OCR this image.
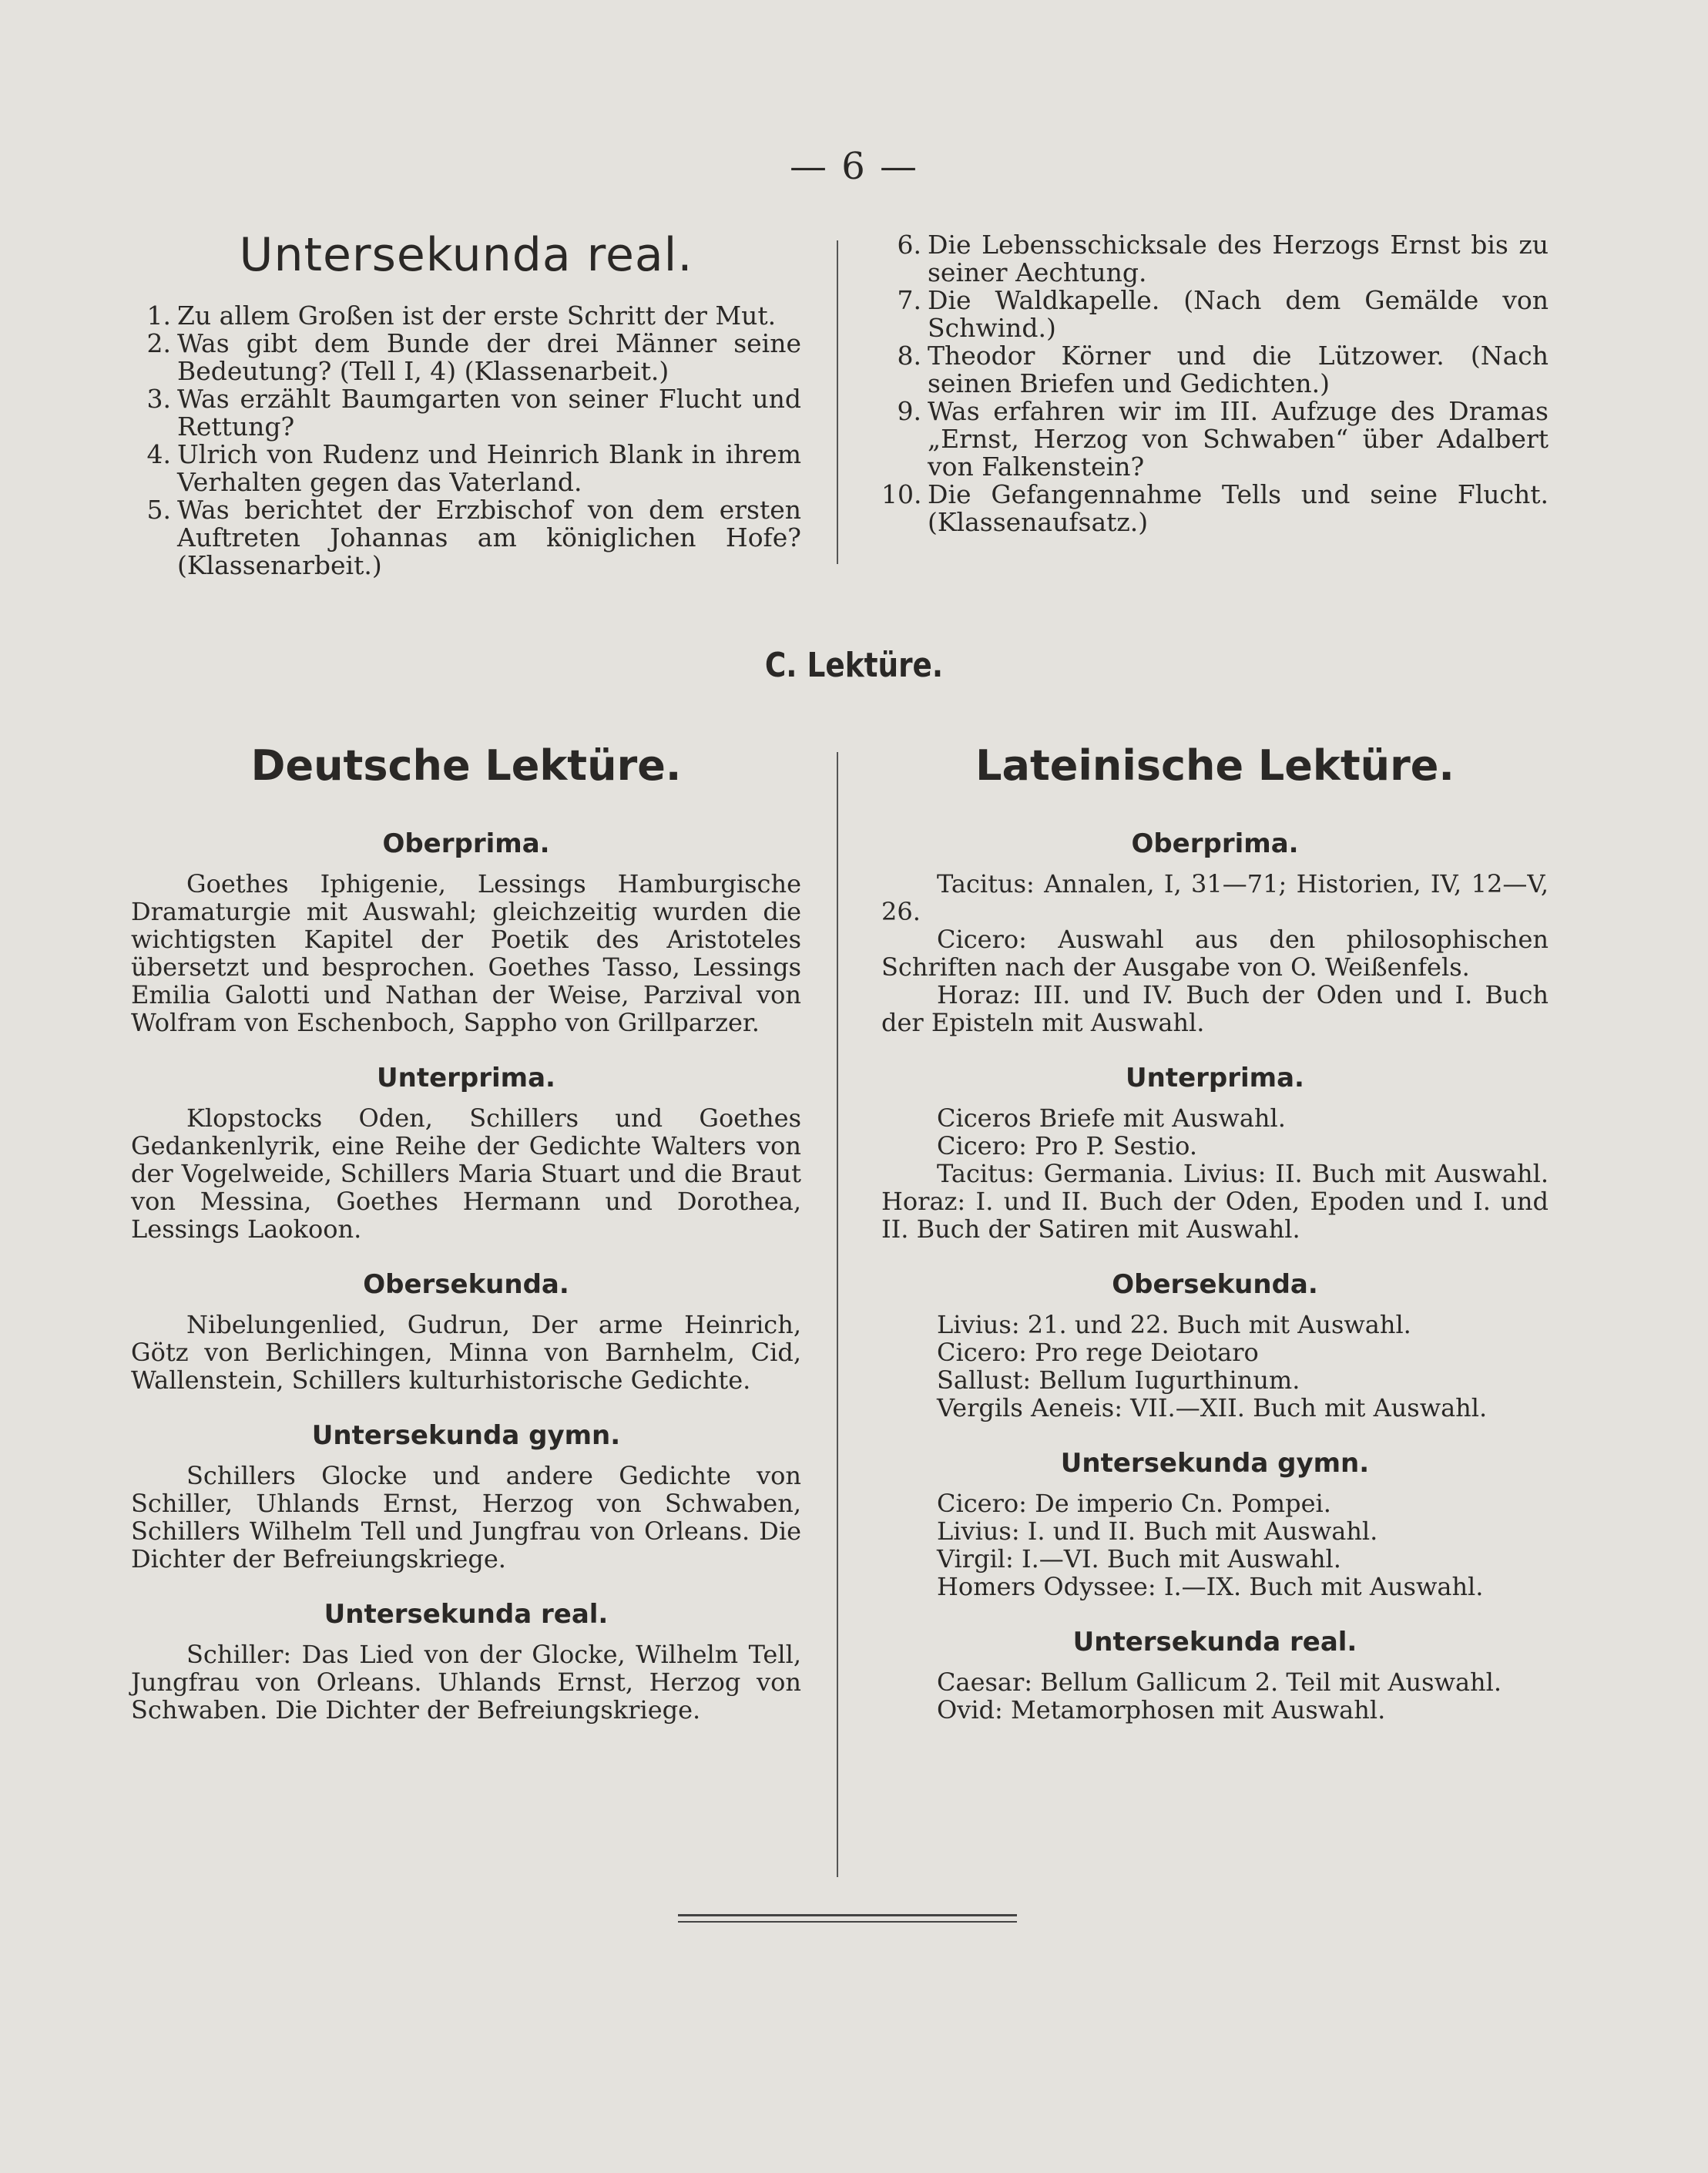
— 6 —
Untersekunda real.
1. Zu allem Großen ist der erste Schritt der Mut.
2. Was gibt dem Bunde der drei Männer seine Bedeutung? (Tell I, 4) (Klassenarbeit.)
3. Was erzählt Baumgarten von seiner Flucht und Rettung?
4. Ulrich von Rudenz und Heinrich Blank in ihrem Verhalten gegen das Vaterland.
5. Was berichtet der Erzbischof von dem ersten Auftreten Johannas am königlichen Hofe? (Klassenarbeit.)
6. Die Lebensschicksale des Herzogs Ernst bis zu seiner Aechtung.
7. Die Waldkapelle. (Nach dem Gemälde von Schwind.)
8. Theodor Körner und die Lützower. (Nach seinen Briefen und Gedichten.)
9. Was erfahren wir im III. Aufzuge des Dramas „Ernst, Herzog von Schwaben“ über Adalbert von Falkenstein?
10. Die Gefangennahme Tells und seine Flucht. (Klassenaufsatz.)
C. Lektüre.
Deutsche Lektüre.
Oberprima.

Goethes Iphigenie, Lessings Hamburgische Dramaturgie mit Auswahl; gleichzeitig wurden die wichtigsten Kapitel der Poetik des Aristoteles übersetzt und besprochen. Goethes Tasso, Lessings Emilia Galotti und Nathan der Weise, Parzival von Wolfram von Eschenboch, Sappho von Grillparzer.

Unterprima.

Klopstocks Oden, Schillers und Goethes Gedankenlyrik, eine Reihe der Gedichte Walters von der Vogelweide, Schillers Maria Stuart und die Braut von Messina, Goethes Hermann und Dorothea, Lessings Laokoon.

Obersekunda.

Nibelungenlied, Gudrun, Der arme Heinrich, Götz von Berlichingen, Minna von Barnhelm, Cid, Wallenstein, Schillers kulturhistorische Gedichte.

Untersekunda gymn.

Schillers Glocke und andere Gedichte von Schiller, Uhlands Ernst, Herzog von Schwaben, Schillers Wilhelm Tell und Jungfrau von Orleans. Die Dichter der Befreiungskriege.

Untersekunda real.

Schiller: Das Lied von der Glocke, Wilhelm Tell, Jungfrau von Orleans. Uhlands Ernst, Herzog von Schwaben. Die Dichter der Befreiungskriege.

Lateinische Lektüre.
Oberprima.

Tacitus: Annalen, I, 31—71; Historien, IV, 12—V, 26.

Cicero: Auswahl aus den philosophischen Schriften nach der Ausgabe von O. Weißenfels.

Horaz: III. und IV. Buch der Oden und I. Buch der Episteln mit Auswahl.

Unterprima.

Ciceros Briefe mit Auswahl.

Cicero: Pro P. Sestio.

Tacitus: Germania. Livius: II. Buch mit Auswahl. Horaz: I. und II. Buch der Oden, Epoden und I. und II. Buch der Satiren mit Auswahl.

Obersekunda.

Livius: 21. und 22. Buch mit Auswahl.

Cicero: Pro rege Deiotaro

Sallust: Bellum Iugurthinum.

Vergils Aeneis: VII.—XII. Buch mit Auswahl.

Untersekunda gymn.

Cicero: De imperio Cn. Pompei.

Livius: I. und II. Buch mit Auswahl.

Virgil: I.—VI. Buch mit Auswahl.

Homers Odyssee: I.—IX. Buch mit Auswahl.

Untersekunda real.

Caesar: Bellum Gallicum 2. Teil mit Auswahl.

Ovid: Metamorphosen mit Auswahl.
